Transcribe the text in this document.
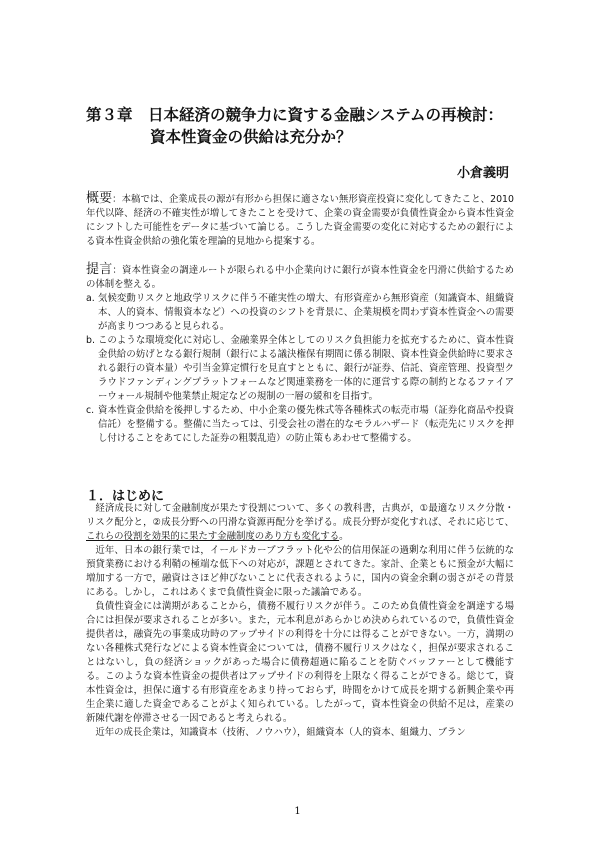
第３章　日本経済の競争力に資する金融システムの再検討：
資本性資金の供給は充分か？
小倉義明

概要：本稿では、企業成長の源が有形から担保に適さない無形資産投資に変化してきたこと、2010 年代以降、経済の不確実性が増してきたことを受けて、企業の資金需要が負債性資金から資本性資金にシフトした可能性をデータに基づいて論じる。こうした資金需要の変化に対応するための銀行による資本性資金供給の強化策を理論的見地から提案する。

提言：資本性資金の調達ルートが限られる中小企業向けに銀行が資本性資金を円滑に供給するための体制を整える。

a. 気候変動リスクと地政学リスクに伴う不確実性の増大、有形資産から無形資産（知識資本、組織資本、人的資本、情報資本など）への投資のシフトを背景に、企業規模を問わず資本性資金への需要が高まりつつあると見られる。
b. このような環境変化に対応し、金融業界全体としてのリスク負担能力を拡充するために、資本性資金供給の妨げとなる銀行規制（銀行による議決権保有期間に係る制限、資本性資金供給時に要求される銀行の資本量）や引当金算定慣行を見直すとともに、銀行が証券、信託、資産管理、投資型クラウドファンディングプラットフォームなど関連業務を一体的に運営する際の制約となるファイアーウォール規制や他業禁止規定などの規制の一層の緩和を目指す。
c. 資本性資金供給を後押しするため、中小企業の優先株式等各種株式の転売市場（証券化商品や投資信託）を整備する。整備に当たっては、引受会社の潜在的なモラルハザード（転売先にリスクを押し付けることをあてにした証券の粗製乱造）の防止策もあわせて整備する。
１．はじめに

経済成長に対して金融制度が果たす役割について、多くの教科書，古典が，①最適なリスク分散・リスク配分と，②成長分野への円滑な資源再配分を挙げる。成長分野が変化すれば、それに応じて、これらの役割を効果的に果たす金融制度のあり方も変化する。

近年、日本の銀行業では，イールドカーブフラット化や公的信用保証の過剰な利用に伴う伝統的な預貸業務における利鞘の極端な低下への対応が，課題とされてきた。家計、企業ともに預金が大幅に増加する一方で，融資はさほど伸びないことに代表されるように，国内の資金余剰の弱さがその背景にある。しかし，これはあくまで負債性資金に限った議論である。

負債性資金には満期があることから，債務不履行リスクが伴う。このため負債性資金を調達する場合には担保が要求されることが多い。また，元本利息があらかじめ決められているので，負債性資金提供者は，融資先の事業成功時のアップサイドの利得を十分には得ることができない。一方，満期のない各種株式発行などによる資本性資金については，債務不履行リスクはなく，担保が要求されることはないし，負の経済ショックがあった場合に債務超過に陥ることを防ぐバッファーとして機能する。このような資本性資金の提供者はアップサイドの利得を上限なく得ることができる。総じて，資本性資金は，担保に適する有形資産をあまり持っておらず，時間をかけて成長を期する新興企業や再生企業に適した資金であることがよく知られている。したがって，資本性資金の供給不足は，産業の新陳代謝を停滞させる一因であると考えられる。

近年の成長企業は，知識資本（技術、ノウハウ），組織資本（人的資本、組織力、ブラン

1
